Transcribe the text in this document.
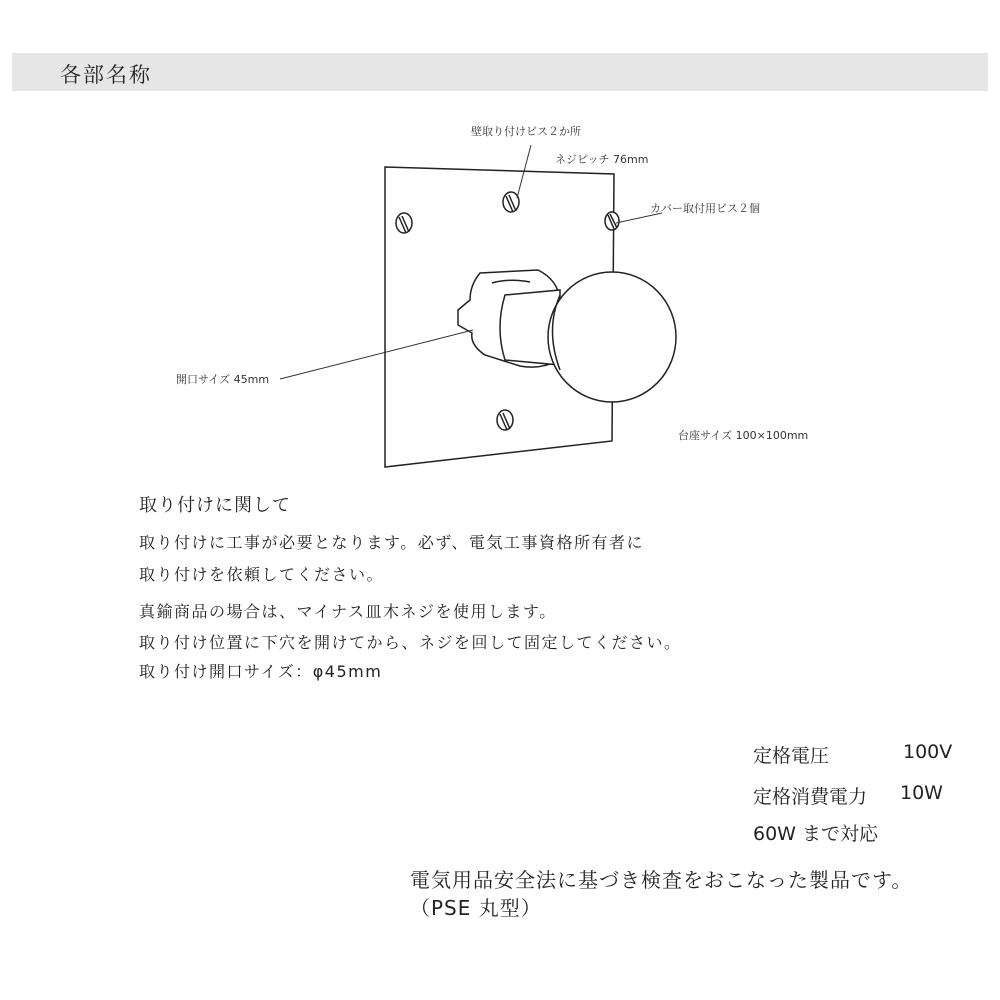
各部名称
壁取り付けビス２か所
ネジピッチ 76mm
カバー取付用ビス２個
開口サイズ 45mm
台座サイズ 100×100mm
取り付けに関して
取り付けに工事が必要となります。必ず、電気工事資格所有者に
取り付けを依頼してください。
真鍮商品の場合は、マイナス皿木ネジを使用します。
取り付け位置に下穴を開けてから、ネジを回して固定してください。
取り付け開口サイズ：φ45mm
定格電圧	100V
定格消費電力 10W
60W まで対応
電気用品安全法に基づき検査をおこなった製品です。
（PSE 丸型）
